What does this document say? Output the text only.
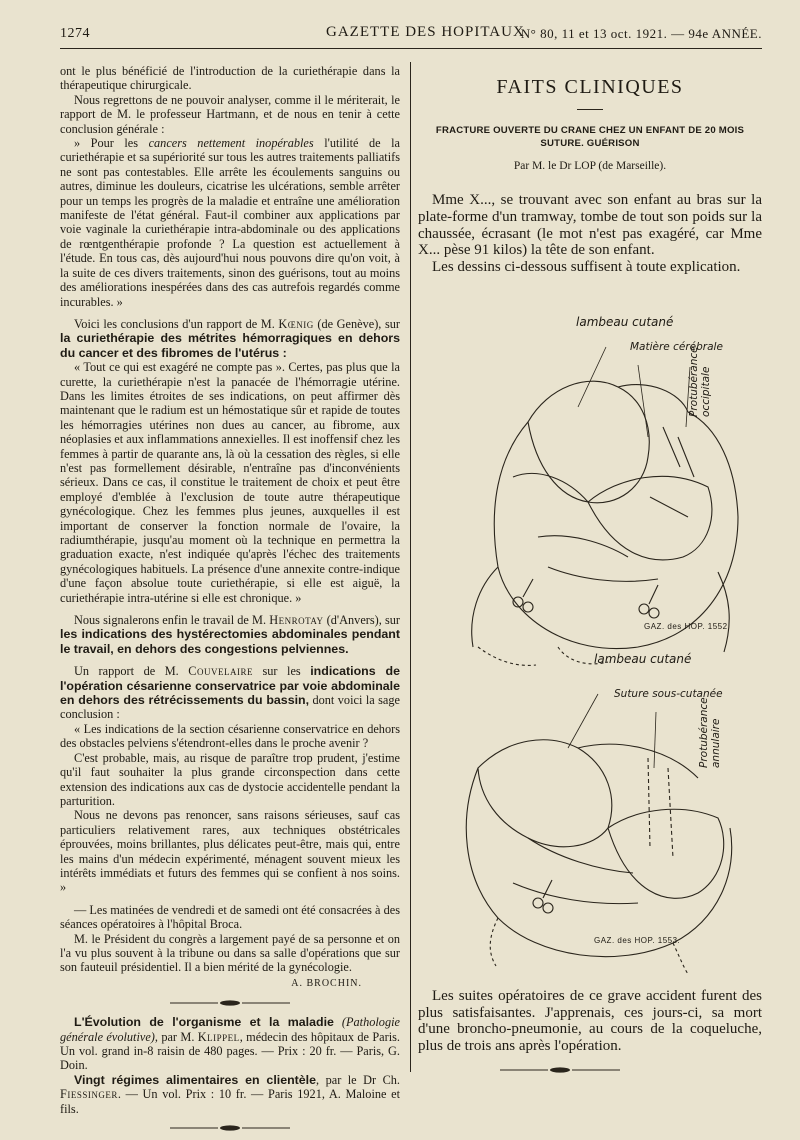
1274	GAZETTE DES HOPITAUX
N° 80, 11 et 13 oct. 1921. — 94e ANNÉE.

ont le plus bénéficié de l'introduction de la curiethérapie dans la thérapeutique chirurgicale.

Nous regrettons de ne pouvoir analyser, comme il le mériterait, le rapport de M. le professeur Hartmann, et de nous en tenir à cette conclusion générale :

» Pour les cancers nettement inopérables l'utilité de la curiethérapie et sa supériorité sur tous les autres traitements palliatifs ne sont pas contestables. Elle arrête les écoulements sanguins ou autres, diminue les douleurs, cicatrise les ulcérations, semble arrêter pour un temps les progrès de la maladie et entraîne une amélioration manifeste de l'état général. Faut-il combiner aux applications par voie vaginale la curiethérapie intra-abdominale ou des applications de rœntgenthérapie profonde ? La question est actuellement à l'étude. En tous cas, dès aujourd'hui nous pouvons dire qu'on voit, à la suite de ces divers traitements, sinon des guérisons, tout au moins des améliorations inespérées dans des cas autrefois regardés comme incurables. »

Voici les conclusions d'un rapport de M. Kœnig (de Genève), sur la curiethérapie des métrites hémorragiques en dehors du cancer et des fibromes de l'utérus :

« Tout ce qui est exagéré ne compte pas ». Certes, pas plus que la curette, la curiethérapie n'est la panacée de l'hémorragie utérine. Dans les limites étroites de ses indications, on peut affirmer dès maintenant que le radium est un hémostatique sûr et rapide de toutes les hémorragies utérines non dues au cancer, au fibrome, aux néoplasies et aux inflammations annexielles. Il est inoffensif chez les femmes à partir de quarante ans, là où la cessation des règles, si elle n'est pas formellement désirable, n'entraîne pas d'inconvénients sérieux. Dans ce cas, il constitue le traitement de choix et peut être employé d'emblée à l'exclusion de toute autre thérapeutique gynécologique. Chez les femmes plus jeunes, auxquelles il est important de conserver la fonction normale de l'ovaire, la radiumthérapie, jusqu'au moment où la technique en permettra la graduation exacte, n'est indiquée qu'après l'échec des traitements gynécologiques habituels. La présence d'une annexite contre-indique d'une façon absolue toute curiethérapie, si elle est aiguë, la curiethérapie intra-utérine si elle est chronique. »

Nous signalerons enfin le travail de M. Henrotay (d'Anvers), sur les indications des hystérectomies abdominales pendant le travail, en dehors des congestions pelviennes.

Un rapport de M. Couvelaire sur les indications de l'opération césarienne conservatrice par voie abdominale en dehors des rétrécissements du bassin, dont voici la sage conclusion :

« Les indications de la section césarienne conservatrice en dehors des obstacles pelviens s'étendront-elles dans le proche avenir ?

C'est probable, mais, au risque de paraître trop prudent, j'estime qu'il faut souhaiter la plus grande circonspection dans cette extension des indications aux cas de dystocie accidentelle pendant la parturition.

Nous ne devons pas renoncer, sans raisons sérieuses, sauf cas particuliers relativement rares, aux techniques obstétricales éprouvées, moins brillantes, plus délicates peut-être, mais qui, entre les mains d'un médecin expérimenté, ménagent souvent mieux les intérêts immédiats et futurs des femmes qui se confient à nos soins. »

— Les matinées de vendredi et de samedi ont été consacrées à des séances opératoires à l'hôpital Broca.

M. le Président du congrès a largement payé de sa personne et on l'a vu plus souvent à la tribune ou dans sa salle d'opérations que sur son fauteuil présidentiel. Il a bien mérité de la gynécologie.

A. BROCHIN.

L'Évolution de l'organisme et la maladie (Pathologie générale évolutive), par M. Klippel, médecin des hôpitaux de Paris. Un vol. grand in-8 raisin de 480 pages. — Prix : 20 fr. — Paris, G. Doin.

Vingt régimes alimentaires en clientèle, par le Dr Ch. Fiessinger. — Un vol. Prix : 10 fr. — Paris 1921, A. Maloine et fils.

FAITS CLINIQUES
FRACTURE OUVERTE DU CRANE CHEZ UN ENFANT DE 20 MOIS SUTURE. GUÉRISON
Par M. le Dr LOP (de Marseille).

Mme X..., se trouvant avec son enfant au bras sur la plate-forme d'un tramway, tombe de tout son poids sur la chaussée, écrasant (le mot n'est pas exagéré, car Mme X... pèse 91 kilos) la tête de son enfant.

Les dessins ci-dessous suffisent à toute explication.

lambeau cutané
Matière cérébrale
Protubérance occipitale
GAZ. des HOP. 1552
lambeau cutané
Suture sous-cutanée
Protubérance annulaire
GAZ. des HOP. 1553.

Les suites opératoires de ce grave accident furent des plus satisfaisantes. J'apprenais, ces jours-ci, sa mort d'une broncho-pneumonie, au cours de la coqueluche, plus de trois ans après l'opération.
